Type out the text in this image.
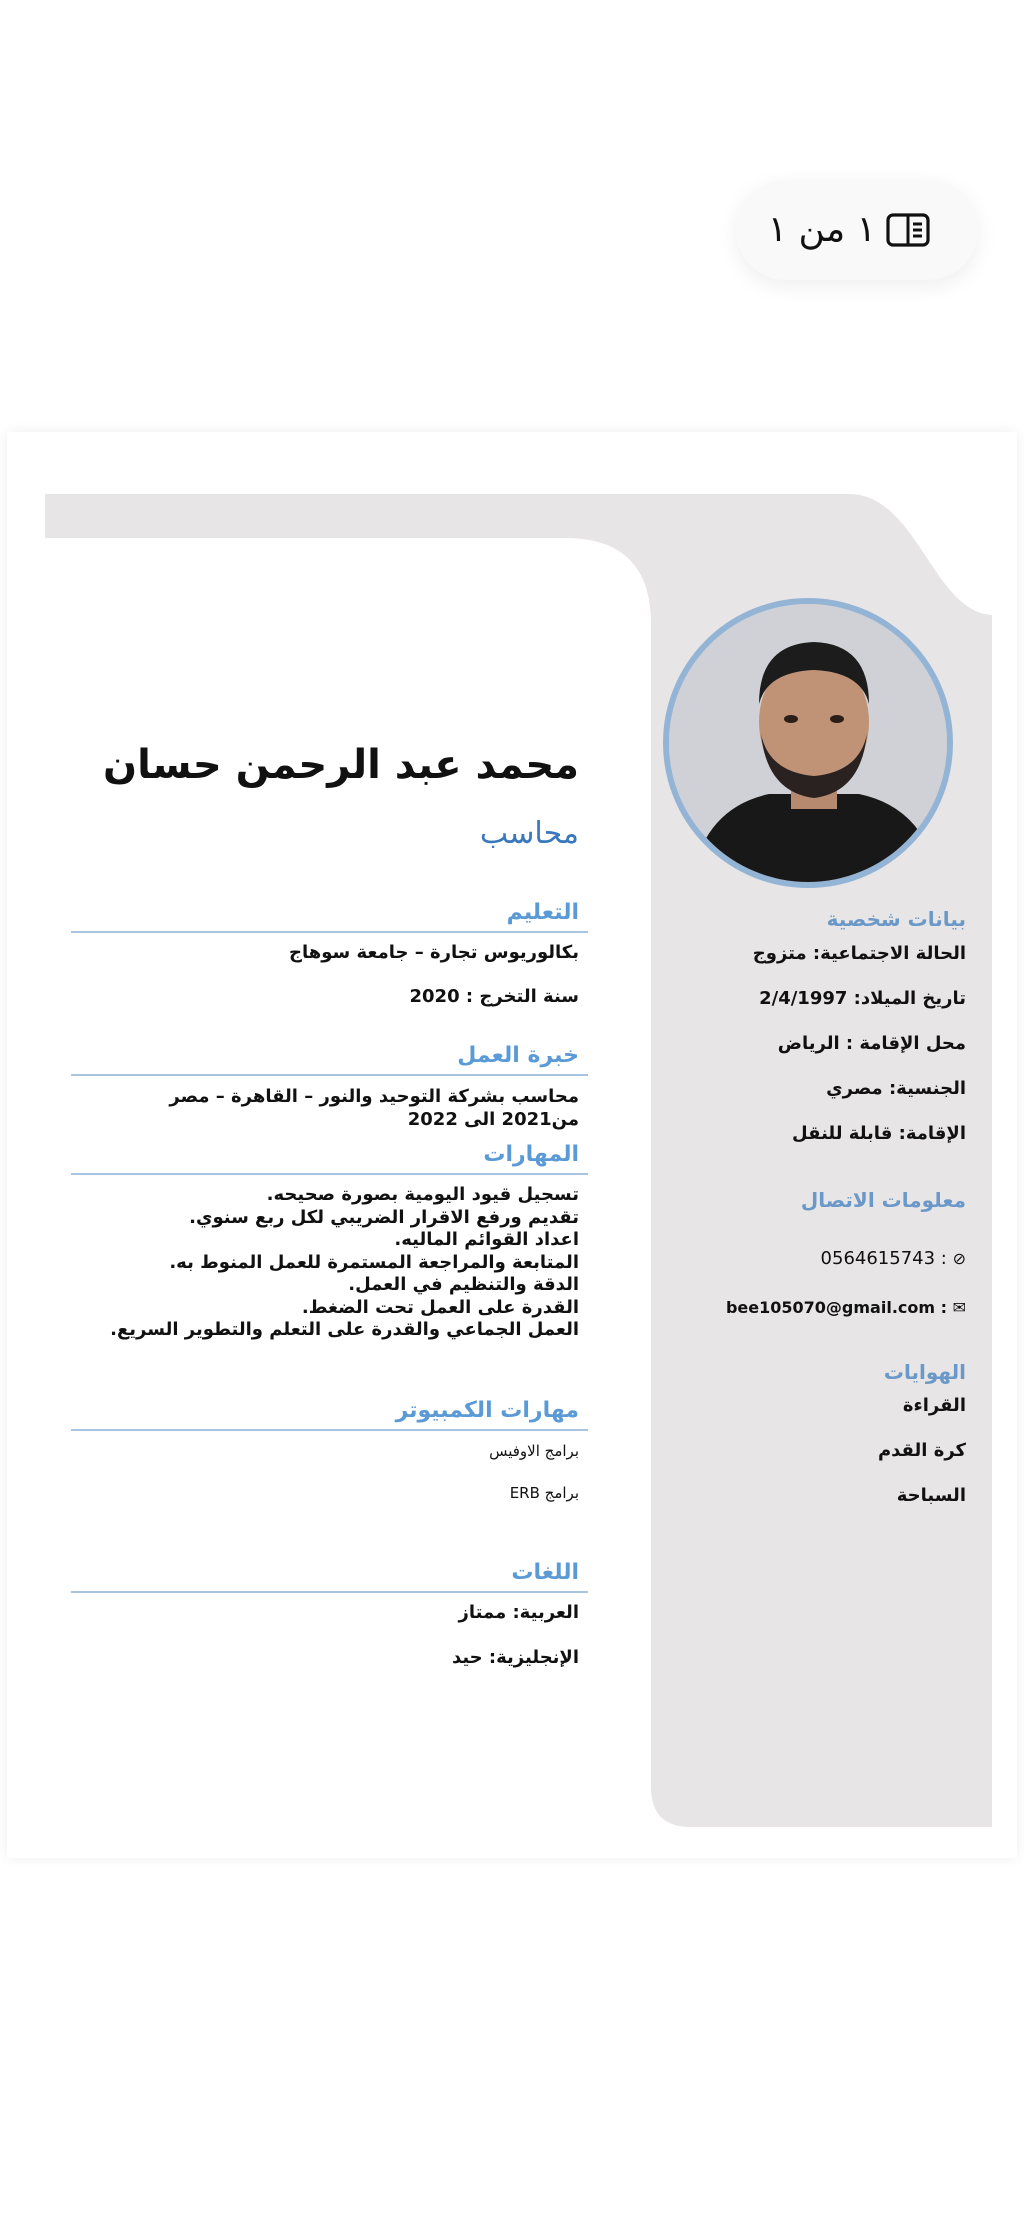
١ من ١
محمد عبد الرحمن حسان
محاسب
التعليم
بكالوريوس تجارة – جامعة سوهاج
سنة التخرج : 2020
خبرة العمل
محاسب بشركة التوحيد والنور – القاهرة – مصر من2021 الى 2022
المهارات
تسجيل قيود اليومية بصورة صحيحه.
تقديم ورفع الاقرار الضريبي لكل ربع سنوي.
اعداد القوائم الماليه.
المتابعة والمراجعة المستمرة للعمل المنوط به.
الدقة والتنظيم في العمل.
القدرة على العمل تحت الضغط.
العمل الجماعي والقدرة على التعلم والتطوير السريع.
مهارات الكمبيوتر
برامج الاوفيس
برامج ERB
اللغات
العربية: ممتاز
الإنجليزية: حيد
بيانات شخصية
الحالة الاجتماعية: متزوج
تاريخ الميلاد: 2/4/1997
محل الإقامة : الرياض
الجنسية: مصري
الإقامة: قابلة للنقل
معلومات الاتصال
0564615743 : ⊘
bee105070@gmail.com : ✉
الهوايات
القراءة
كرة القدم
السباحة
